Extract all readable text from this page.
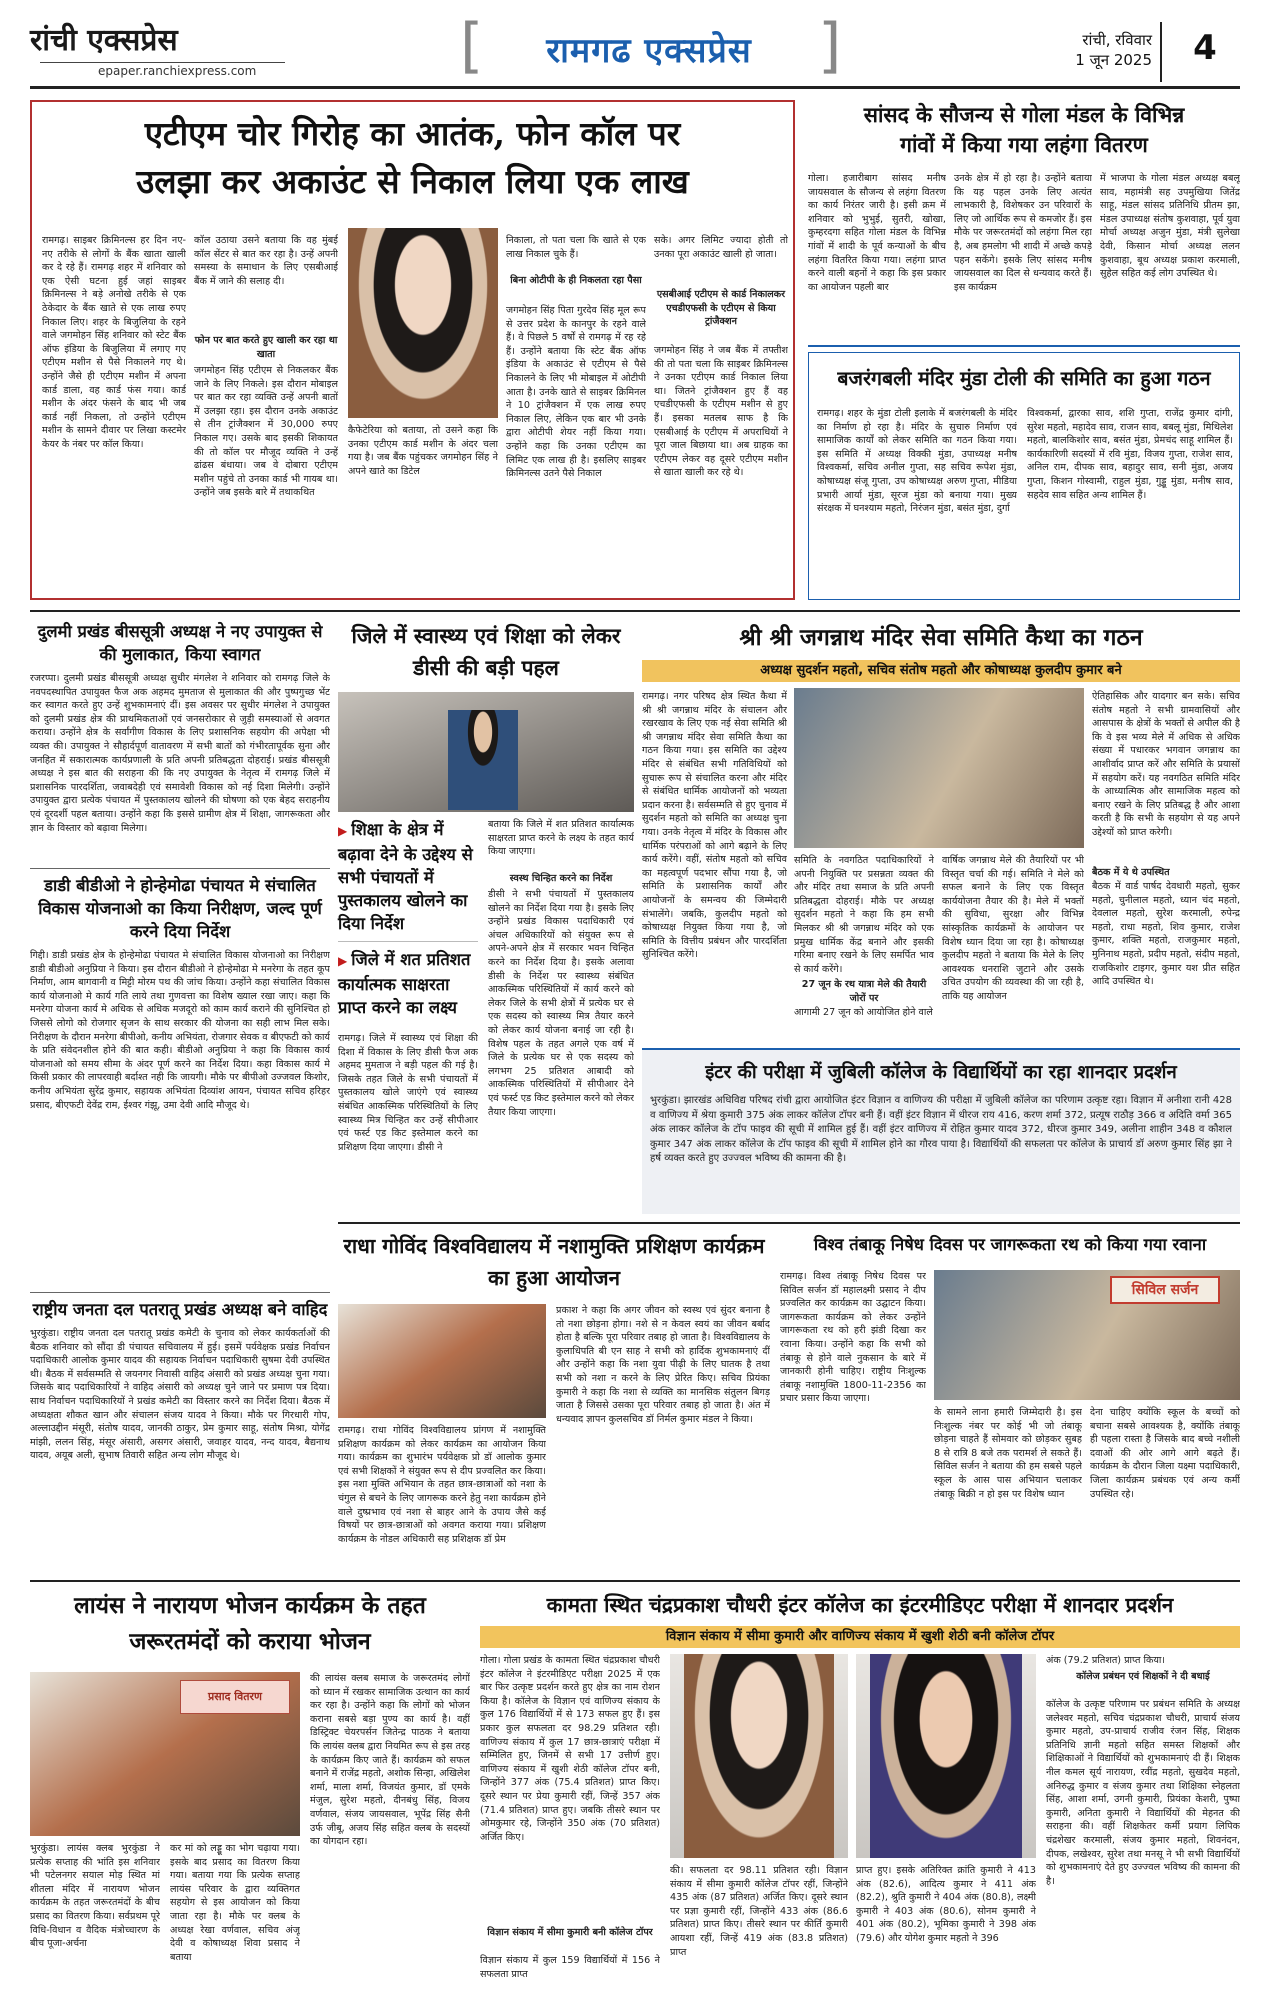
रांची एक्सप्रेस
epaper.ranchiexpress.com	[	रामगढ एक्सप्रेस	]	रांची, रविवार
1 जून 2025	4
एटीएम चोर गिरोह का आतंक, फोन कॉल पर
उलझा कर अकाउंट से निकाल लिया एक लाख
रामगढ़। साइबर क्रिमिनल्स हर दिन नए-नए तरीके से लोगों के बैंक खाता खाली कर दे रहे हैं। रामगढ़ शहर में शनिवार को एक ऐसी घटना हुई जहां साइबर क्रिमिनल्स ने बड़े अनोखे तरीके से एक ठेकेदार के बैंक खाते से एक लाख रुपए निकाल लिए। शहर के बिजुलिया के रहने वाले जगमोहन सिंह शनिवार को स्टेट बैंक ऑफ इंडिया के बिजुलिया में लगाए गए एटीएम मशीन से पैसे निकालने गए थे। उन्होंने जैसे ही एटीएम मशीन में अपना कार्ड डाला, वह कार्ड फंस गया। कार्ड मशीन के अंदर फंसने के बाद भी जब कार्ड नहीं निकला, तो उन्होंने एटीएम मशीन के सामने दीवार पर लिखा कस्टमेर केयर के नंबर पर कॉल किया।
कॉल उठाया उसने बताया कि वह मुंबई कॉल सेंटर से बात कर रहा है। उन्हें अपनी समस्या के समाधान के लिए एसबीआई बैंक में जाने की सलाह दी।
फोन पर बात करते हुए खाली कर रहा था खाता
जगमोहन सिंह एटीएम से निकलकर बैंक जाने के लिए निकले। इस दौरान मोबाइल पर बात कर रहा व्यक्ति उन्हें अपनी बातों में उलझा रहा। इस दौरान उनके अकाउंट से तीन ट्रांजैक्शन में 30,000 रुपए निकाल गए। उसके बाद इसकी शिकायत की तो कॉल पर मौजूद व्यक्ति ने उन्हें ढांढस बंधाया। जब वे दोबारा एटीएम मशीन पहुंचे तो उनका कार्ड भी गायब था। उन्होंने जब इसके बारे में तथाकथित
कैफेटेरिया को बताया, तो उसने कहा कि उनका एटीएम कार्ड मशीन के अंदर चला गया है। जब बैंक पहुंचकर जगमोहन सिंह ने अपने खाते का डिटेल
निकाला, तो पता चला कि खाते से एक लाख निकाल चुके हैं।
बिना ओटीपी के ही निकलता रहा पैसा
जगमोहन सिंह पिता गुरदेव सिंह मूल रूप से उत्तर प्रदेश के कानपुर के रहने वाले हैं। वे पिछले 5 वर्षों से रामगढ़ में रह रहे हैं। उन्होंने बताया कि स्टेट बैंक ऑफ इंडिया के अकाउंट से एटीएम से पैसे निकालने के लिए भी मोबाइल में ओटीपी आता है। उनके खाते से साइबर क्रिमिनल ने 10 ट्रांजैक्शन में एक लाख रुपए निकाल लिए, लेकिन एक बार भी उनके द्वारा ओटीपी शेयर नहीं किया गया। उन्होंने कहा कि उनका एटीएम का लिमिट एक लाख ही है। इसलिए साइबर क्रिमिनल्स उतने पैसे निकाल
सके। अगर लिमिट ज्यादा होती तो उनका पूरा अकाउंट खाली हो जाता।
एसबीआई एटीएम से कार्ड निकालकर एचडीएफसी के एटीएम से किया ट्रांजैक्शन
जगमोहन सिंह ने जब बैंक में तफ्तीश की तो पता चला कि साइबर क्रिमिनल्स ने उनका एटीएम कार्ड निकाल लिया था। जितने ट्रांजैक्शन हुए हैं वह एचडीएफसी के एटीएम मशीन से हुए हैं। इसका मतलब साफ है कि एसबीआई के एटीएम में अपराधियों ने पूरा जाल बिछाया था। अब ग्राहक का एटीएम लेकर वह दूसरे एटीएम मशीन से खाता खाली कर रहे थे।
सांसद के सौजन्य से गोला मंडल के विभिन्न
गांवों में किया गया लहंगा वितरण
गोला। हजारीबाग सांसद मनीष जायसवाल के सौजन्य से लहंगा वितरण का कार्य निरंतर जारी है। इसी क्रम में शनिवार को भुभुई, सुतरी, खोखा, कुम्हरदगा सहित गोला मंडल के विभिन्न गांवों में शादी के पूर्व कन्याओं के बीच लहंगा वितरित किया गया। लहंगा प्राप्त करने वाली बहनों ने कहा कि इस प्रकार का आयोजन पहली बार
उनके क्षेत्र में हो रहा है। उन्होंने बताया कि यह पहल उनके लिए अत्यंत लाभकारी है, विशेषकर उन परिवारों के लिए जो आर्थिक रूप से कमजोर हैं। इस मौके पर जरूरतमंदों को लहंगा मिल रहा है, अब हमलोग भी शादी में अच्छे कपड़े पहन सकेंगे। इसके लिए सांसद मनीष जायसवाल का दिल से धन्यवाद करते हैं। इस कार्यक्रम
में भाजपा के गोला मंडल अध्यक्ष बबलू साव, महामंत्री सह उपमुखिया जितेंद्र साहू, मंडल सांसद प्रतिनिधि प्रीतम झा, मंडल उपाध्यक्ष संतोष कुशवाहा, पूर्व युवा मोर्चा अध्यक्ष अजुन मुंडा, मंत्री सुलेखा देवी, किसान मोर्चा अध्यक्ष ललन कुशवाहा, बूथ अध्यक्ष प्रकाश करमाली, सुहेल सहित कई लोग उपस्थित थे।
बजरंगबली मंदिर मुंडा टोली की समिति का हुआ गठन
रामगढ़। शहर के मुंडा टोली इलाके में बजरंगबली के मंदिर का निर्माण हो रहा है। मंदिर के सुचारु निर्माण एवं सामाजिक कार्यों को लेकर समिति का गठन किया गया। इस समिति में अध्यक्ष विक्की मुंडा, उपाध्यक्ष मनीष विश्वकर्मा, सचिव अनील गुप्ता, सह सचिव रूपेश मुंडा, कोषाध्यक्ष संजू गुप्ता, उप कोषाध्यक्ष अरुण गुप्ता, मीडिया प्रभारी आर्या मुंडा, सूरज मुंडा को बनाया गया। मुख्य संरक्षक में घनश्याम महतो, निरंजन मुंडा, बसंत मुंडा, दुर्गा
विश्वकर्मा, द्वारका साव, शशि गुप्ता, राजेंद्र कुमार दांगी, सुरेश महतो, महादेव साव, राजन साव, बबलू मुंडा, मिथिलेश महतो, बालकिशोर साव, बसंत मुंडा, प्रेमचंद साहू शामिल हैं। कार्यकारिणी सदस्यों में रवि मुंडा, विजय गुप्ता, राजेश साव, अनिल राम, दीपक साव, बहादुर साव, सनी मुंडा, अजय गुप्ता, किशन गोस्वामी, राहुल मुंडा, गुड्डू मुंडा, मनीष साव, सहदेव साव सहित अन्य शामिल हैं।
दुलमी प्रखंड बीससूत्री अध्यक्ष ने नए उपायुक्त से की मुलाकात, किया स्वागत
रजरप्पा। दुलमी प्रखंड बीससूत्री अध्यक्ष सुधीर मंगलेश ने शनिवार को रामगढ़ जिले के नवपदस्थापित उपायुक्त फैज अक अहमद मुमताज से मुलाकात की और पुष्पगुच्छ भेंट कर स्वागत करते हुए उन्हें शुभकामनाएं दीं। इस अवसर पर सुधीर मंगलेश ने उपायुक्त को दुलमी प्रखंड क्षेत्र की प्राथमिकताओं एवं जनसरोकार से जुड़ी समस्याओं से अवगत कराया। उन्होंने क्षेत्र के सर्वांगीण विकास के लिए प्रशासनिक सहयोग की अपेक्षा भी व्यक्त की। उपायुक्त ने सौहार्दपूर्ण वातावरण में सभी बातों को गंभीरतापूर्वक सुना और जनहित में सकारात्मक कार्यप्रणाली के प्रति अपनी प्रतिबद्धता दोहराई। प्रखंड बीससूत्री अध्यक्ष ने इस बात की सराहना की कि नए उपायुक्त के नेतृत्व में रामगढ़ जिले में प्रशासनिक पारदर्शिता, जवाबदेही एवं समावेशी विकास को नई दिशा मिलेगी। उन्होंने उपायुक्त द्वारा प्रत्येक पंचायत में पुस्तकालय खोलने की घोषणा को एक बेहद सराहनीय एवं दूरदर्शी पहल बताया। उन्होंने कहा कि इससे ग्रामीण क्षेत्र में शिक्षा, जागरूकता और ज्ञान के विस्तार को बढ़ावा मिलेगा।
डाडी बीडीओ ने होन्हेमोढा पंचायत मे संचालित विकास योजनाओ का किया निरीक्षण, जल्द पूर्ण करने दिया निर्देश
गिद्दी। डाडी प्रखंड क्षेत्र के होन्हेमोढा पंचायत मे संचालित विकास योजनाओ का निरीक्षण डाडी बीडीओ अनुप्रिया ने किया। इस दौरान बीडीओ ने होन्हेमोढा मे मनरेगा के तहत कूप निर्माण, आम बागवानी व मिट्टी मोरम पथ की जांच किया। उन्होंने कहा संचालित विकास कार्य योजनाओ मे कार्य गति लाये तथा गुणवत्ता का विशेष ख्याल रखा जाए। कहा कि मनरेगा योजना कार्य मे अधिक से अधिक मजदूरो को काम कार्य कराने की सुनिश्चित हो जिससे लोगो को रोजगार सृजन के साथ सरकार की योजना का सही लाभ मिल सके। निरीक्षण के दौरान मनरेगा बीपीओ, कनीय अभियंता, रोजगार सेवक व बीएफटी को कार्य के प्रति संवेदनशील होने की बात कही। बीडीओ अनुप्रिया ने कहा कि विकास कार्य योजनाओ को समय सीमा के अंदर पूर्ण करने का निर्देश दिया। कहा विकास कार्य मे किसी प्रकार की लापरवाही बर्दाश्त नही कि जायगी। मौके पर बीपीओ उज्जवल किशोर, कनीय अभियंता सुरेंद्र कुमार, सहायक अभियंता दिव्यांश आयन, पंचायत सचिव हरिहर प्रसाद, बीएफटी देवेंद्र राम, ईश्वर गंझू, उमा देवी आदि मौजूद थे।
राष्ट्रीय जनता दल पतरातू प्रखंड अध्यक्ष बने वाहिद
भुरकुंडा। राष्ट्रीय जनता दल पतरातू प्रखंड कमेटी के चुनाव को लेकर कार्यकर्ताओं की बैठक शनिवार को सौंदा डी पंचायत सचिवालय में हुई। इसमें पर्यवेक्षक प्रखंड निर्वाचन पदाधिकारी आलोक कुमार यादव की सहायक निर्वाचन पदाधिकारी सुषमा देवी उपस्थित थी। बैठक में सर्वसम्मति से जयनगर निवासी वाहिद अंसारी को प्रखंड अध्यक्ष चुना गया। जिसके बाद पदाधिकारियों ने वाहिद अंसारी को अध्यक्ष चुने जाने पर प्रमाण पत्र दिया। साथ निर्वाचन पदाधिकारियों ने प्रखंड कमेटी का विस्तार करने का निर्देश दिया। बैठक में अध्यक्षता शौकत खान और संचालन संजय यादव ने किया। मौके पर गिरधारी गोप, अल्लाउद्दीन मंसूरी, संतोष यादव, जानकी ठाकुर, प्रेम कुमार साहू, संतोष मिश्रा, योगेंद्र मांझी, ललन सिंह, मंसूर अंसारी, असगर अंसारी, जवाहर यादव, नन्द यादव, बैद्यनाथ यादव, अयूब अली, सुभाष तिवारी सहित अन्य लोग मौजूद थे।
जिले में स्वास्थ्य एवं शिक्षा को लेकर डीसी की बड़ी पहल
▶ शिक्षा के क्षेत्र में बढ़ावा देने के उद्देश्य से सभी पंचायतों में पुस्तकालय खोलने का दिया निर्देश
▶ जिले में शत प्रतिशत कार्यात्मक साक्षरता प्राप्त करने का लक्ष्य
रामगढ़। जिले में स्वास्थ्य एवं शिक्षा की दिशा में विकास के लिए डीसी फैज अक अहमद मुमताज ने बड़ी पहल की गई है। जिसके तहत जिले के सभी पंचायतों में पुस्तकालय खोले जाएंगे एवं स्वास्थ्य संबंधित आकस्मिक परिस्थितियों के लिए स्वास्थ्य मित्र चिन्हित कर उन्हें सीपीआर एवं फर्स्ट एड किट इस्तेमाल करने का प्रशिक्षण दिया जाएगा। डीसी ने
बताया कि जिले में शत प्रतिशत कार्यात्मक साक्षरता प्राप्त करने के लक्ष्य के तहत कार्य किया जाएगा।
स्वस्थ चिन्हित करने का निर्देश
डीसी ने सभी पंचायतों में पुस्तकालय खोलने का निर्देश दिया गया है। इसके लिए उन्होंने प्रखंड विकास पदाधिकारी एवं अंचल अधिकारियों को संयुक्त रूप से अपने-अपने क्षेत्र में सरकार भवन चिन्हित करने का निर्देश दिया है। इसके अलावा डीसी के निर्देश पर स्वास्थ्य संबंधित आकस्मिक परिस्थितियों में कार्य करने को लेकर जिले के सभी क्षेत्रों में प्रत्येक घर से एक सदस्य को स्वास्थ्य मित्र तैयार करने को लेकर कार्य योजना बनाई जा रही है। विशेष पहल के तहत अगले एक वर्ष में जिले के प्रत्येक घर से एक सदस्य को लगभग 25 प्रतिशत आबादी को आकस्मिक परिस्थितियों में सीपीआर देने एवं फर्स्ट एड किट इस्तेमाल करने को लेकर तैयार किया जाएगा।
श्री श्री जगन्नाथ मंदिर सेवा समिति कैथा का गठन
अध्यक्ष सुदर्शन महतो, सचिव संतोष महतो और कोषाध्यक्ष कुलदीप कुमार बने
रामगढ़। नगर परिषद क्षेत्र स्थित कैथा में श्री श्री जगन्नाथ मंदिर के संचालन और रखरखाव के लिए एक नई सेवा समिति श्री श्री जगन्नाथ मंदिर सेवा समिति कैथा का गठन किया गया। इस समिति का उद्देश्य मंदिर से संबंधित सभी गतिविधियों को सुचारू रूप से संचालित करना और मंदिर से संबंधित धार्मिक आयोजनों को भव्यता प्रदान करना है। सर्वसम्मति से हुए चुनाव में सुदर्शन महतो को समिति का अध्यक्ष चुना गया। उनके नेतृत्व में मंदिर के विकास और धार्मिक परंपराओं को आगे बढ़ाने के लिए कार्य करेंगे। वहीं, संतोष महतो को सचिव का महत्वपूर्ण पदभार सौंपा गया है, जो समिति के प्रशासनिक कार्यों और आयोजनों के समन्वय की जिम्मेदारी संभालेंगे। जबकि, कुलदीप महतो को कोषाध्यक्ष नियुक्त किया गया है, जो समिति के वित्तीय प्रबंधन और पारदर्शिता सुनिश्चित करेंगे।
समिति के नवगठित पदाधिकारियों ने अपनी नियुक्ति पर प्रसन्नता व्यक्त की और मंदिर तथा समाज के प्रति अपनी प्रतिबद्धता दोहराई। मौके पर अध्यक्ष सुदर्शन महतो ने कहा कि हम सभी मिलकर श्री श्री जगन्नाथ मंदिर को एक प्रमुख धार्मिक केंद्र बनाने और इसकी गरिमा बनाए रखने के लिए समर्पित भाव से कार्य करेंगे।
27 जून के रथ यात्रा मेले की तैयारी जोरों पर
आगामी 27 जून को आयोजित होने वाले
वार्षिक जगन्नाथ मेले की तैयारियों पर भी विस्तृत चर्चा की गई। समिति ने मेले को सफल बनाने के लिए एक विस्तृत कार्ययोजना तैयार की है। मेले में भक्तों की सुविधा, सुरक्षा और विभिन्न सांस्कृतिक कार्यक्रमों के आयोजन पर विशेष ध्यान दिया जा रहा है। कोषाध्यक्ष कुलदीप महतो ने बताया कि मेले के लिए आवश्यक धनराशि जुटाने और उसके उचित उपयोग की व्यवस्था की जा रही है, ताकि यह आयोजन
ऐतिहासिक और यादगार बन सके। सचिव संतोष महतो ने सभी ग्रामवासियों और आसपास के क्षेत्रों के भक्तों से अपील की है कि वे इस भव्य मेले में अधिक से अधिक संख्या में पधारकर भगवान जगन्नाथ का आशीर्वाद प्राप्त करें और समिति के प्रयासों में सहयोग करें। यह नवगठित समिति मंदिर के आध्यात्मिक और सामाजिक महत्व को बनाए रखने के लिए प्रतिबद्ध है और आशा करती है कि सभी के सहयोग से यह अपने उद्देश्यों को प्राप्त करेगी।
बैठक में ये थे उपस्थित
बैठक में वार्ड पार्षद देवधारी महतो, सुकर महतो, चुनीलाल महतो, ध्यान चंद महतो, देवलाल महतो, सुरेश करमाली, रुपेन्द्र महतो, राधा महतो, शिव कुमार, राजेश कुमार, शक्ति महतो, राजकुमार महतो, मुनिनाथ महतो, प्रदीप महतो, संदीप महतो, राजकिशोर टाइगर, कुमार यश प्रीत सहित आदि उपस्थित थे।
इंटर की परीक्षा में जुबिली कॉलेज के विद्यार्थियों का रहा शानदार प्रदर्शन
भुरकुंडा। झारखंड अधिविद्य परिषद रांची द्वारा आयोजित इंटर विज्ञान व वाणिज्य की परीक्षा में जुबिली कॉलेज का परिणाम उत्कृष्ट रहा। विज्ञान में अनीशा रानी 428 व वाणिज्य में श्रेया कुमारी 375 अंक लाकर कॉलेज टॉपर बनी हैं। वहीं इंटर विज्ञान में धीरज राय 416, करण शर्मा 372, प्रत्यूष राठौड़ 366 व अदिति वर्मा 365 अंक लाकर कॉलेज के टॉप फाइव की सूची में शामिल हुई हैं। वहीं इंटर वाणिज्य में रोहित कुमार यादव 372, धीरज कुमार 349, अलीना शाहीन 348 व कौशल कुमार 347 अंक लाकर कॉलेज के टॉप फाइव की सूची में शामिल होने का गौरव पाया है। विद्यार्थियों की सफलता पर कॉलेज के प्राचार्य डॉ अरुण कुमार सिंह झा ने हर्ष व्यक्त करते हुए उज्ज्वल भविष्य की कामना की है।
राधा गोविंद विश्वविद्यालय में नशामुक्ति प्रशिक्षण कार्यक्रम का हुआ आयोजन
रामगढ़। राधा गोविंद विश्वविद्यालय प्रांगण में नशामुक्ति प्रशिक्षण कार्यक्रम को लेकर कार्यक्रम का आयोजन किया गया। कार्यक्रम का शुभारंभ पर्यवेक्षक प्रो डॉ आलोक कुमार एवं सभी शिक्षकों ने संयुक्त रूप से दीप प्रज्वलित कर किया। इस नशा मुक्ति अभियान के तहत छात्र-छात्राओं को नशा के चंगुल से बचने के लिए जागरूक करने हेतु नशा कार्यक्रम होने वाले दुष्प्रभाव एवं नशा से बाहर आने के उपाय जैसे कई विषयों पर छात्र-छात्राओं को अवगत कराया गया। प्रशिक्षण कार्यक्रम के नोडल अधिकारी सह प्रशिक्षक डॉ प्रेम
प्रकाश ने कहा कि अगर जीवन को स्वस्थ एवं सुंदर बनाना है तो नशा छोड़ना होगा। नशे से न केवल स्वयं का जीवन बर्बाद होता है बल्कि पूरा परिवार तबाह हो जाता है। विश्वविद्यालय के कुलाधिपति बी एन साह ने सभी को हार्दिक शुभकामनाएं दीं और उन्होंने कहा कि नशा युवा पीढ़ी के लिए घातक है तथा सभी को नशा न करने के लिए प्रेरित किए। सचिव प्रियंका कुमारी ने कहा कि नशा से व्यक्ति का मानसिक संतुलन बिगड़ जाता है जिससे उसका पूरा परिवार तबाह हो जाता है। अंत में धन्यवाद ज्ञापन कुलसचिव डॉ निर्मल कुमार मंडल ने किया।
विश्व तंबाकू निषेध दिवस पर जागरूकता रथ को किया गया रवाना
रामगढ़। विश्व तंबाकू निषेध दिवस पर सिविल सर्जन डॉ महालक्ष्मी प्रसाद ने दीप प्रज्वलित कर कार्यक्रम का उद्घाटन किया। जागरूकता कार्यक्रम को लेकर उन्होंने जागरूकता रथ को हरी झंडी दिखा कर रवाना किया। उन्होंने कहा कि सभी को तंबाकू से होने वाले नुकसान के बारे में जानकारी होनी चाहिए। राष्ट्रीय निःशुल्क तंबाकू नशामुक्ति 1800-11-2356 का प्रचार प्रसार किया जाएगा।
सिविल सर्जन
के सामने लाना हमारी जिम्मेदारी है। इस निःशुल्क नंबर पर कोई भी जो तंबाकू छोड़ना चाहते हैं सोमवार को छोड़कर सुबह 8 से रात्रि 8 बजे तक परामर्श ले सकते हैं। सिविल सर्जन ने बताया की हम सबसे पहले स्कूल के आस पास अभियान चलाकर तंबाकू बिक्री न हो इस पर विशेष ध्यान
देना चाहिए क्योंकि स्कूल के बच्चों को बचाना सबसे आवश्यक है, क्योंकि तंबाकू ही पहला रास्ता है जिसके बाद बच्चे नशीली दवाओं की ओर आगे आगे बढ़ते हैं। कार्यक्रम के दौरान जिला यक्ष्मा पदाधिकारी, जिला कार्यक्रम प्रबंधक एवं अन्य कर्मी उपस्थित रहे।
लायंस ने नारायण भोजन कार्यक्रम के तहत जरूरतमंदों को कराया भोजन
प्रसाद वितरण
भुरकुंडा। लायंस क्लब भुरकुंडा ने प्रत्येक सप्ताह की भांति इस शनिवार भी पटेलनगर सयाल मोड़ स्थित मां शीतला मंदिर में नारायण भोजन कार्यक्रम के तहत जरूरतमंदों के बीच प्रसाद का वितरण किया। सर्वप्रथम पूरे विधि-विधान व वैदिक मंत्रोच्चारण के बीच पूजा-अर्चना
कर मां को लड्डू का भोग चढ़ाया गया। इसके बाद प्रसाद का वितरण किया गया। बताया गया कि प्रत्येक सप्ताह लायंस परिवार के द्वारा व्यक्तिगत सहयोग से इस आयोजन को किया जाता रहा है। मौके पर क्लब के अध्यक्ष रेखा वर्णवाल, सचिव अंजू देवी व कोषाध्यक्ष शिवा प्रसाद ने बताया
की लायंस क्लब समाज के जरूरतमंद लोगों को ध्यान में रखकर सामाजिक उत्थान का कार्य कर रहा है। उन्होंने कहा कि लोगों को भोजन कराना सबसे बड़ा पुण्य का कार्य है। वहीं डिस्ट्रिक्ट चेयरपर्सन जितेन्द्र पाठक ने बताया कि लायंस क्लब द्वारा नियमित रूप से इस तरह के कार्यक्रम किए जाते हैं। कार्यक्रम को सफल बनाने में राजेंद्र महतो, अशोक सिन्हा, अखिलेश शर्मा, माला शर्मा, विजयंत कुमार, डॉ एमके मंजुल, सुरेश महतो, दीनबंधु सिंह, विजय वर्णवाल, संजय जायसवाल, भूपेंद्र सिंह सैनी उर्फ जीबू, अजय सिंह सहित क्लब के सदस्यों का योगदान रहा।
कामता स्थित चंद्रप्रकाश चौधरी इंटर कॉलेज का इंटरमीडिएट परीक्षा में शानदार प्रदर्शन
विज्ञान संकाय में सीमा कुमारी और वाणिज्य संकाय में खुशी शेठी बनी कॉलेज टॉपर
गोला। गोला प्रखंड के कामता स्थित चंद्रप्रकाश चौधरी इंटर कॉलेज ने इंटरमीडिएट परीक्षा 2025 में एक बार फिर उत्कृष्ट प्रदर्शन करते हुए क्षेत्र का नाम रोशन किया है। कॉलेज के विज्ञान एवं वाणिज्य संकाय के कुल 176 विद्यार्थियों में से 173 सफल हुए हैं। इस प्रकार कुल सफलता दर 98.29 प्रतिशत रही। वाणिज्य संकाय में कुल 17 छात्र-छात्राएं परीक्षा में सम्मिलित हुए, जिनमें से सभी 17 उत्तीर्ण हुए। वाणिज्य संकाय में खुशी शेठी कॉलेज टॉपर बनी, जिन्होंने 377 अंक (75.4 प्रतिशत) प्राप्त किए। दूसरे स्थान पर प्रेया कुमारी रहीं, जिन्हें 357 अंक (71.4 प्रतिशत) प्राप्त हुए। जबकि तीसरे स्थान पर ओमकुमार रहे, जिन्होंने 350 अंक (70 प्रतिशत) अर्जित किए।
विज्ञान संकाय में सीमा कुमारी बनी कॉलेज टॉपर
विज्ञान संकाय में कुल 159 विद्यार्थियों में 156 ने सफलता प्राप्त
की। सफलता दर 98.11 प्रतिशत रही। विज्ञान संकाय में सीमा कुमारी कॉलेज टॉपर रहीं, जिन्होंने 435 अंक (87 प्रतिशत) अर्जित किए। दूसरे स्थान पर प्रज्ञा कुमारी रहीं, जिन्होंने 433 अंक (86.6 प्रतिशत) प्राप्त किए। तीसरे स्थान पर कीर्ति कुमारी आयशा रहीं, जिन्हें 419 अंक (83.8 प्रतिशत) प्राप्त
प्राप्त हुए। इसके अतिरिक्त क्रांति कुमारी ने 413 अंक (82.6), आदित्य कुमार ने 411 अंक (82.2), श्रुति कुमारी ने 404 अंक (80.8), लक्ष्मी कुमारी ने 403 अंक (80.6), सोनम कुमारी ने 401 अंक (80.2), भूमिका कुमारी ने 398 अंक (79.6) और योगेश कुमार महतो ने 396
अंक (79.2 प्रतिशत) प्राप्त किया।
कॉलेज प्रबंधन एवं शिक्षकों ने दी बधाई
कॉलेज के उत्कृष्ट परिणाम पर प्रबंधन समिति के अध्यक्ष जलेश्वर महतो, सचिव चंद्रप्रकाश चौधरी, प्राचार्य संजय कुमार महतो, उप-प्राचार्य राजीव रंजन सिंह, शिक्षक प्रतिनिधि ज्ञानी महतो सहित समस्त शिक्षकों और शिक्षिकाओं ने विद्यार्थियों को शुभकामनाएं दी हैं। शिक्षक नील कमल सूर्य नारायण, रवींद्र महतो, सुखदेव महतो, अनिरुद्ध कुमार व संजय कुमार तथा शिक्षिका स्नेहलता सिंह, आशा शर्मा, उगनी कुमारी, प्रियंका केशरी, पुष्पा कुमारी, अनिता कुमारी ने विद्यार्थियों की मेहनत की सराहना की। वहीं शिक्षकेतर कर्मी प्रयाग लिपिक चंद्रशेखर करमाली, संजय कुमार महतो, शिवनंदन, दीपक, लखेश्वर, सुरेश तथा मनसू ने भी सभी विद्यार्थियों को शुभकामनाएं देते हुए उज्ज्वल भविष्य की कामना की है।
